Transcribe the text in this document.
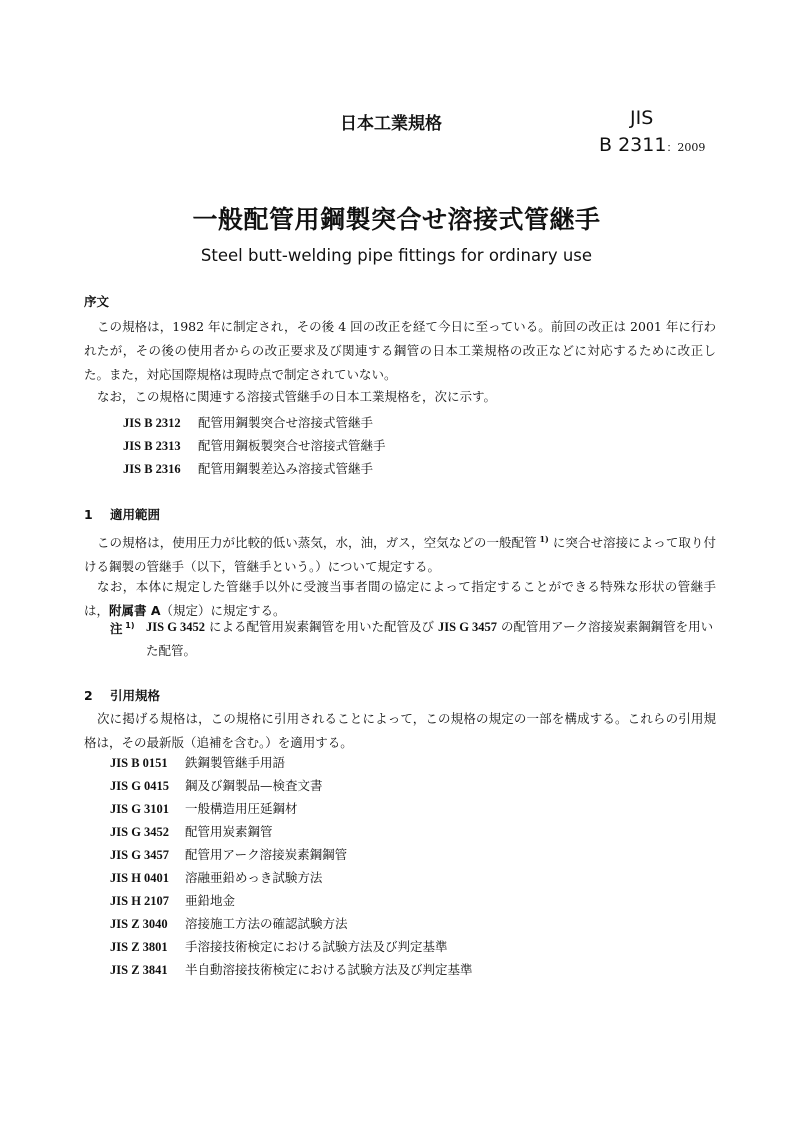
日本工業規格	JIS
B 2311：2009
一般配管用鋼製突合せ溶接式管継手
Steel butt-welding pipe fittings for ordinary use
序文
この規格は，1982 年に制定され，その後 4 回の改正を経て今日に至っている。前回の改正は 2001 年に行われたが，その後の使用者からの改正要求及び関連する鋼管の日本工業規格の改正などに対応するために改正した。また，対応国際規格は現時点で制定されていない。
なお，この規格に関連する溶接式管継手の日本工業規格を，次に示す。
JIS B 2312 配管用鋼製突合せ溶接式管継手
JIS B 2313 配管用鋼板製突合せ溶接式管継手
JIS B 2316 配管用鋼製差込み溶接式管継手
1 適用範囲
この規格は，使用圧力が比較的低い蒸気，水，油，ガス，空気などの一般配管 $^{1)}$ に突合せ溶接によって取り付ける鋼製の管継手（以下，管継手という。）について規定する。
なお，本体に規定した管継手以外に受渡当事者間の協定によって指定することができる特殊な形状の管継手は，附属書 A（規定）に規定する。
注 $^{1)}$ JIS G 3452 による配管用炭素鋼管を用いた配管及び JIS G 3457 の配管用アーク溶接炭素鋼鋼管を用いた配管。
2 引用規格
次に掲げる規格は，この規格に引用されることによって，この規格の規定の一部を構成する。これらの引用規格は，その最新版（追補を含む。）を適用する。
JIS B 0151 鉄鋼製管継手用語
JIS G 0415 鋼及び鋼製品—検査文書
JIS G 3101 一般構造用圧延鋼材
JIS G 3452 配管用炭素鋼管
JIS G 3457 配管用アーク溶接炭素鋼鋼管
JIS H 0401 溶融亜鉛めっき試験方法
JIS H 2107 亜鉛地金
JIS Z 3040 溶接施工方法の確認試験方法
JIS Z 3801 手溶接技術検定における試験方法及び判定基準
JIS Z 3841 半自動溶接技術検定における試験方法及び判定基準
